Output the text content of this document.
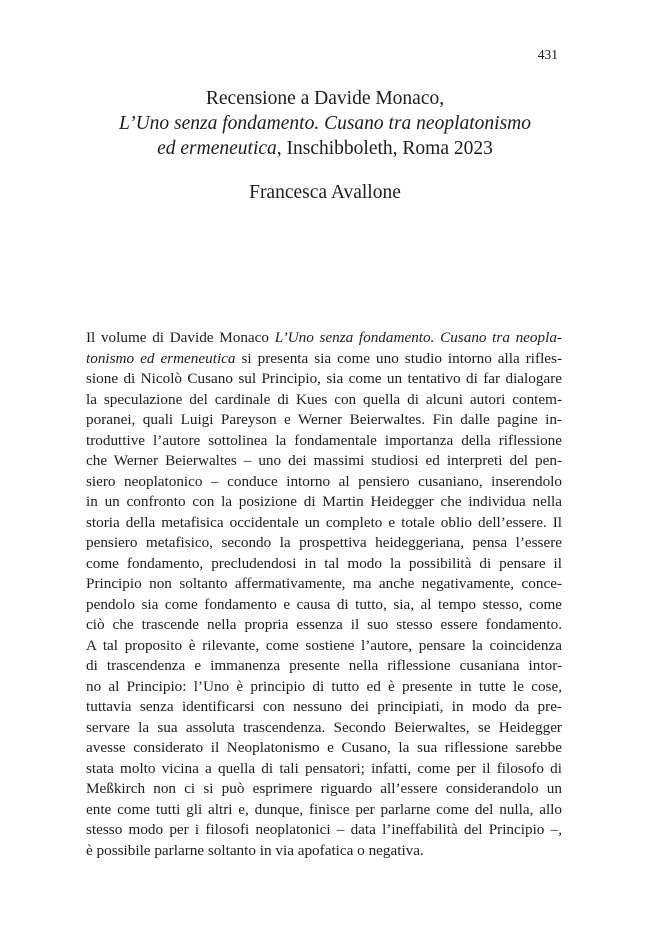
431
Recensione a Davide Monaco,
L’Uno senza fondamento. Cusano tra neoplatonismo
ed ermeneutica, Inschibboleth, Roma 2023
Francesca Avallone
Il volume di Davide Monaco L’Uno senza fondamento. Cusano tra neopla-
tonismo ed ermeneutica si presenta sia come uno studio intorno alla rifles-
sione di Nicolò Cusano sul Principio, sia come un tentativo di far dialogare
la speculazione del cardinale di Kues con quella di alcuni autori contem-
poranei, quali Luigi Pareyson e Werner Beierwaltes. Fin dalle pagine in-
troduttive l’autore sottolinea la fondamentale importanza della riflessione
che Werner Beierwaltes – uno dei massimi studiosi ed interpreti del pen-
siero neoplatonico – conduce intorno al pensiero cusaniano, inserendolo
in un confronto con la posizione di Martin Heidegger che individua nella
storia della metafisica occidentale un completo e totale oblio dell’essere. Il
pensiero metafisico, secondo la prospettiva heideggeriana, pensa l’essere
come fondamento, precludendosi in tal modo la possibilità di pensare il
Principio non soltanto affermativamente, ma anche negativamente, conce-
pendolo sia come fondamento e causa di tutto, sia, al tempo stesso, come
ciò che trascende nella propria essenza il suo stesso essere fondamento.
A tal proposito è rilevante, come sostiene l’autore, pensare la coincidenza
di trascendenza e immanenza presente nella riflessione cusaniana intor-
no al Principio: l’Uno è principio di tutto ed è presente in tutte le cose,
tuttavia senza identificarsi con nessuno dei principiati, in modo da pre-
servare la sua assoluta trascendenza. Secondo Beierwaltes, se Heidegger
avesse considerato il Neoplatonismo e Cusano, la sua riflessione sarebbe
stata molto vicina a quella di tali pensatori; infatti, come per il filosofo di
Meßkirch non ci si può esprimere riguardo all’essere considerandolo un
ente come tutti gli altri e, dunque, finisce per parlarne come del nulla, allo
stesso modo per i filosofi neoplatonici – data l’ineffabilità del Principio –,
è possibile parlarne soltanto in via apofatica o negativa.
